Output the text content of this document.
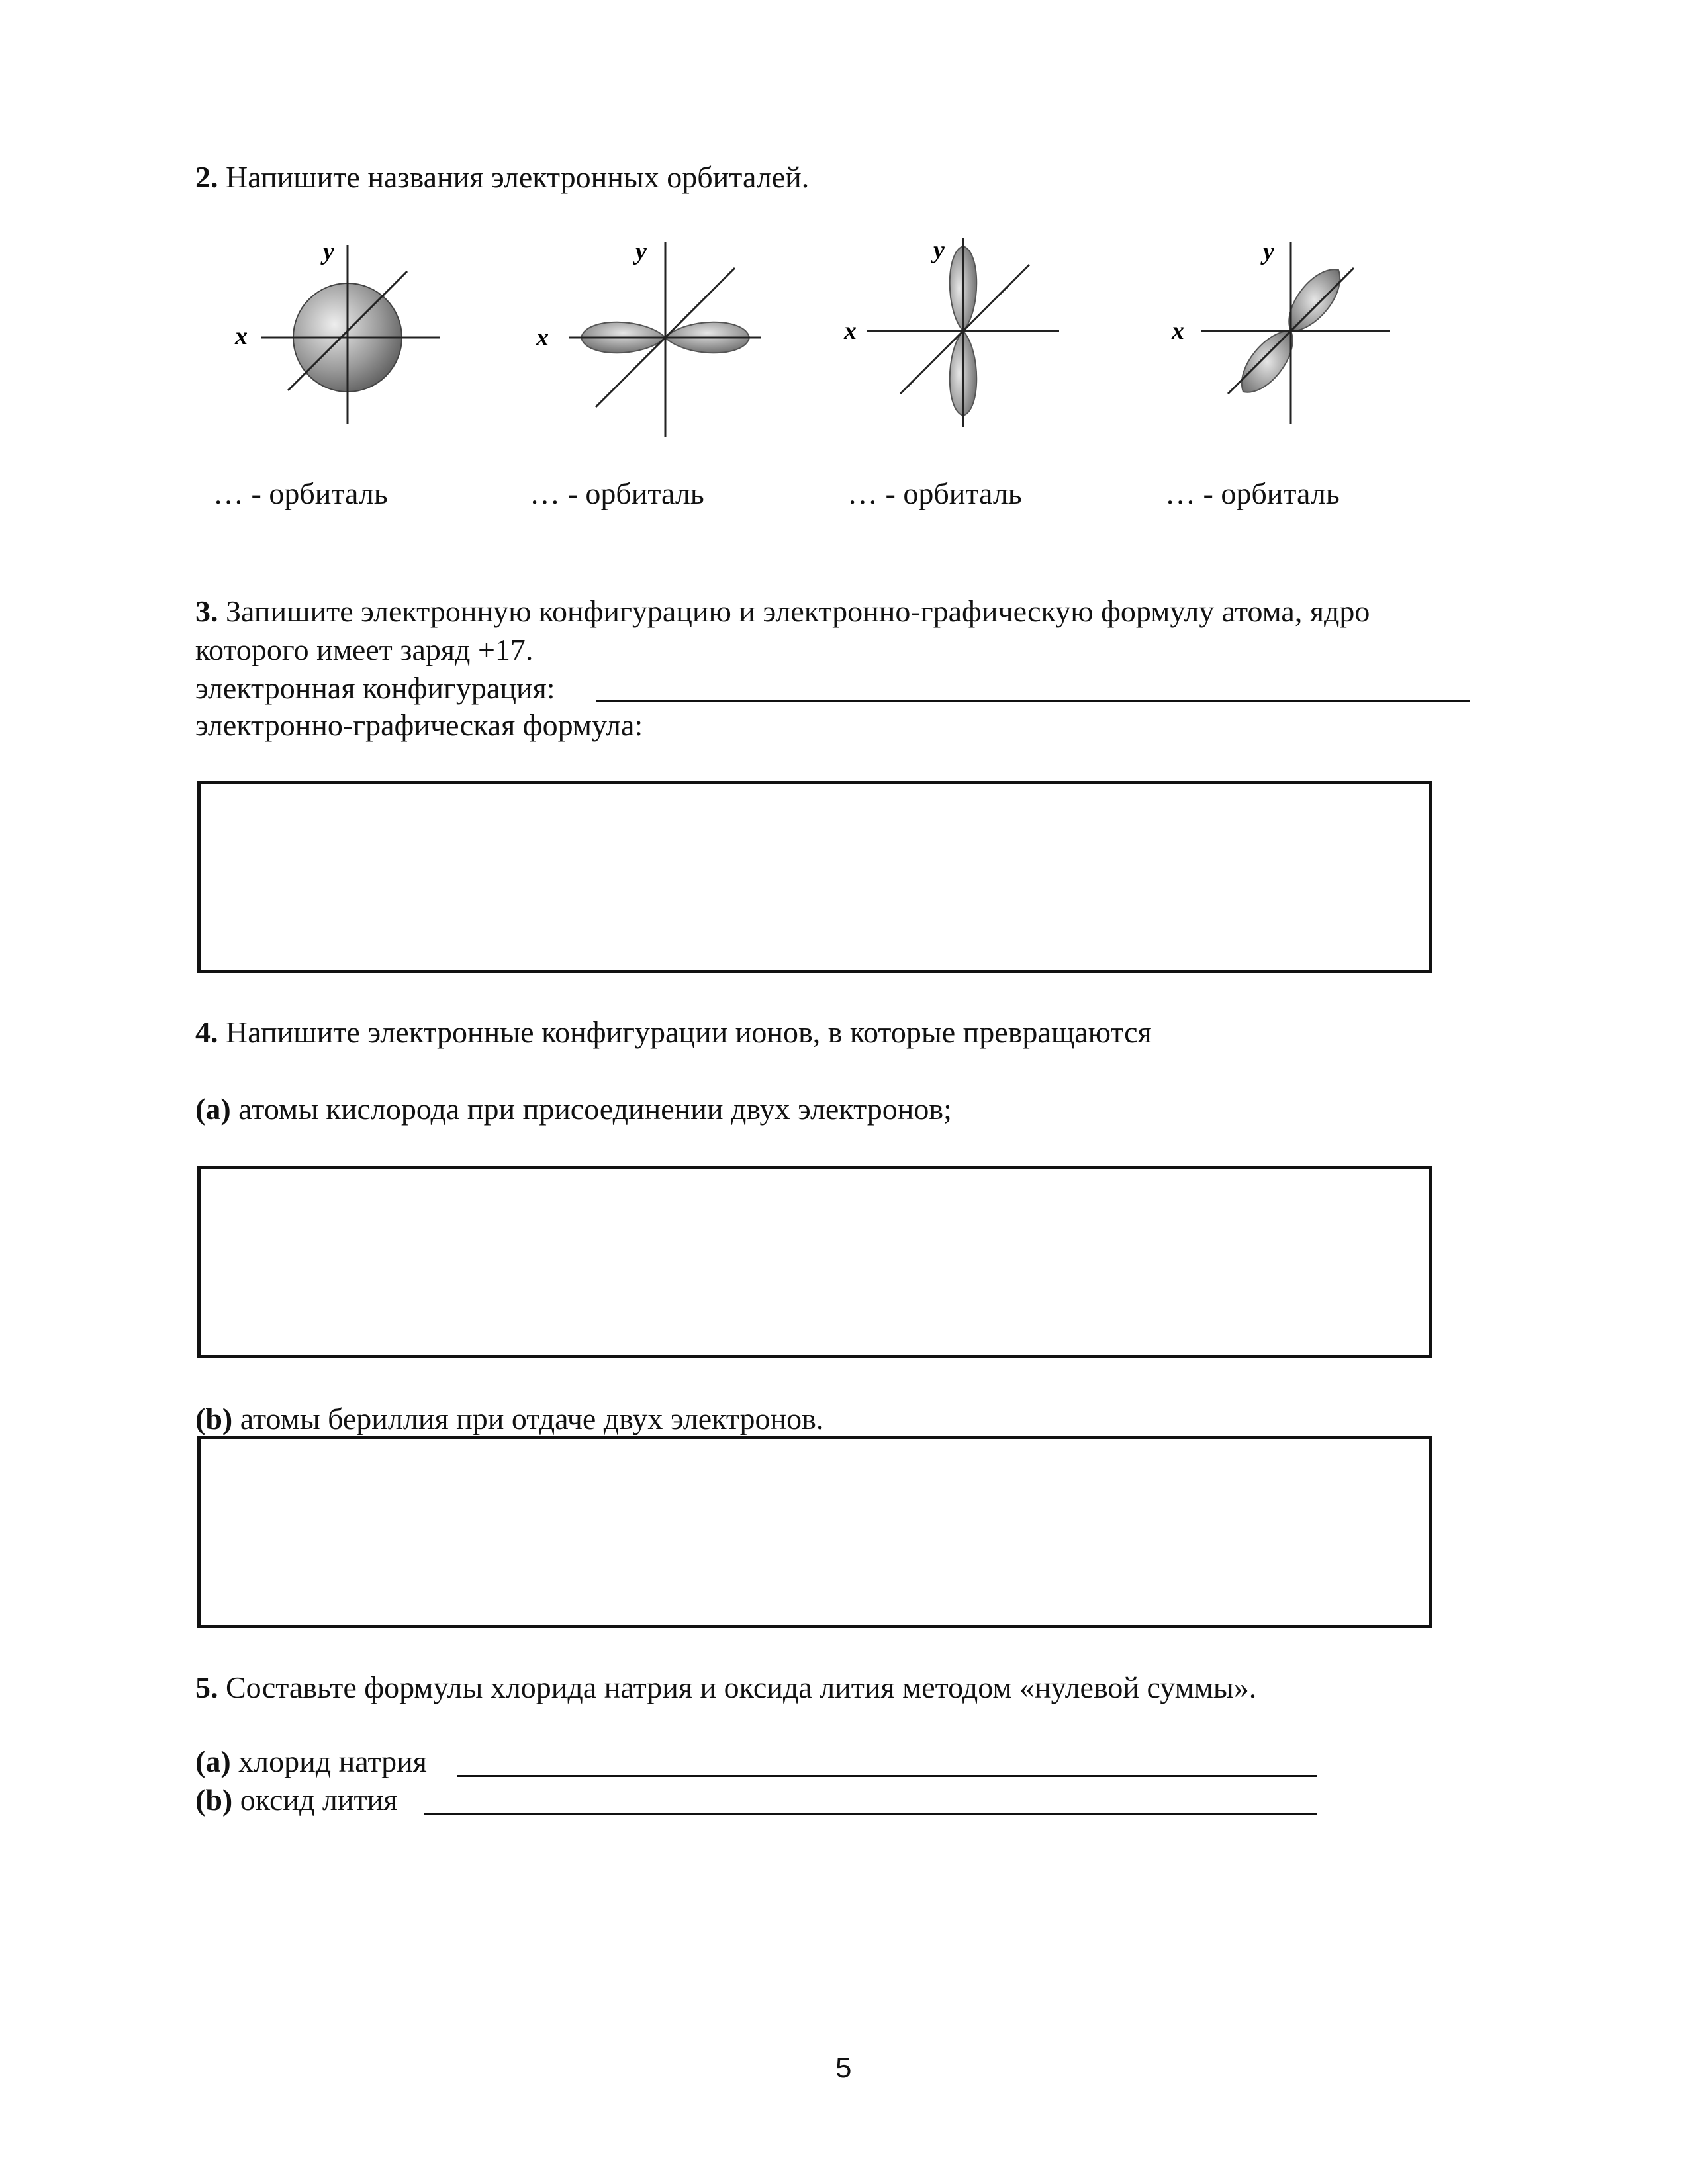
2. Напишите названия электронных орбиталей.
y
x
y
x
y
x
y
x
… - орбиталь	… - орбиталь	… - орбиталь	… - орбиталь
3. Запишите электронную конфигурацию и электронно-графическую формулу атома, ядро
которого имеет заряд +17.
электронная конфигурация:
электронно-графическая формула:
4. Напишите электронные конфигурации ионов, в которые превращаются
(a) атомы кислорода при присоединении двух электронов;
(b) атомы бериллия при отдаче двух электронов.
5. Составьте формулы хлорида натрия и оксида лития методом «нулевой суммы».
(a) хлорид натрия
(b) оксид лития
5
